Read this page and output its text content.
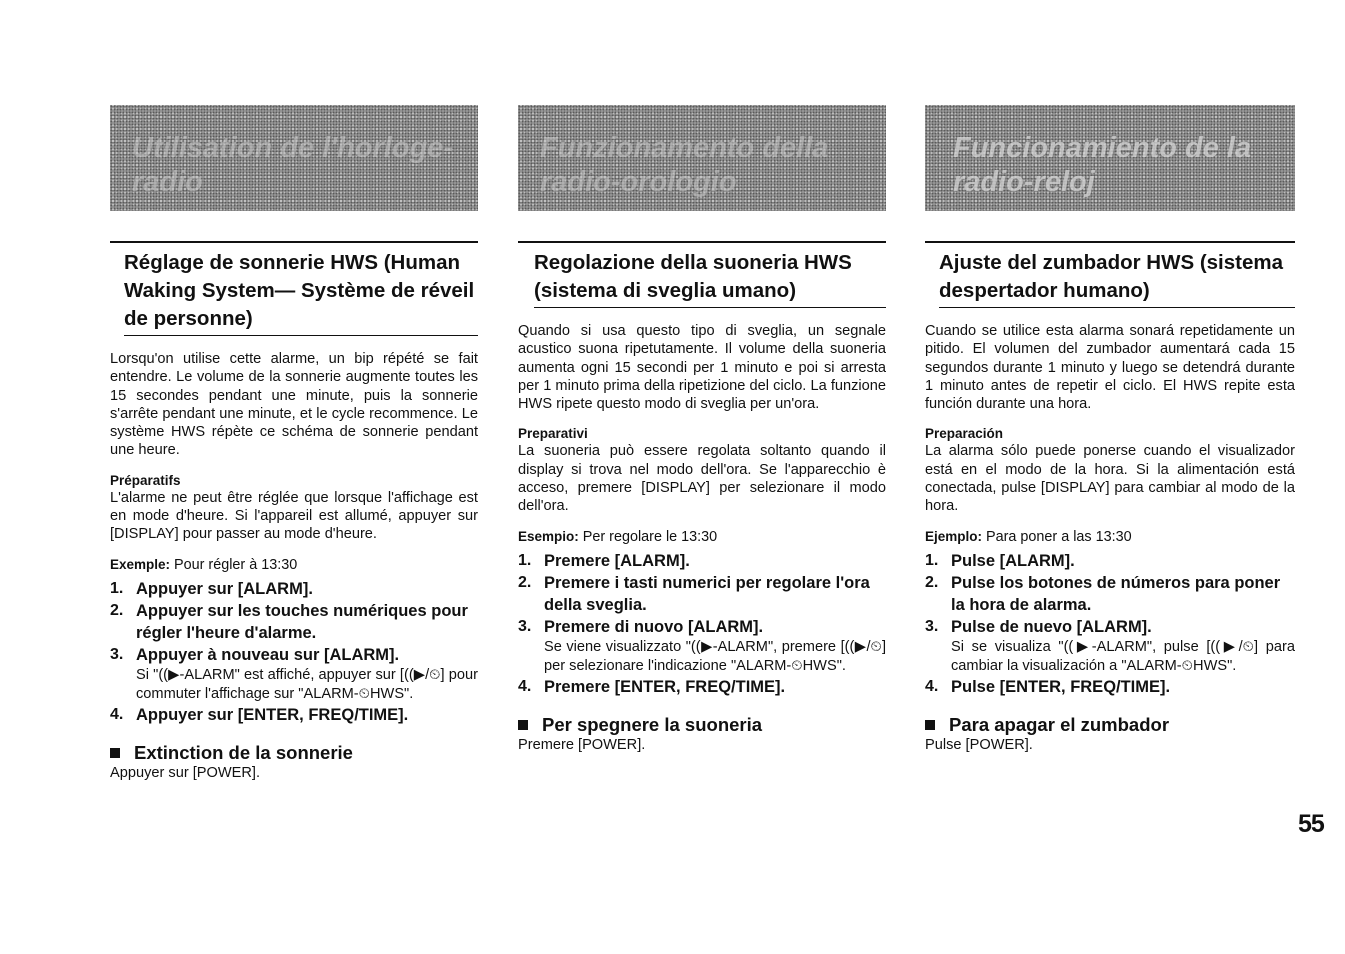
Utilisation de l'horloge-radio
Réglage de sonnerie HWS (Human Waking System— Système de réveil de personne)
Lorsqu'on utilise cette alarme, un bip répété se fait entendre. Le volume de la sonnerie augmente toutes les 15 secondes pendant une minute, puis la sonnerie s'arrête pendant une minute, et le cycle recommence. Le système HWS répète ce schéma de sonnerie pendant une heure.
Préparatifs
L'alarme ne peut être réglée que lorsque l'affichage est en mode d'heure. Si l'appareil est allumé, appuyer sur [DISPLAY] pour passer au mode d'heure.
Exemple: Pour régler à 13:30
1. Appuyer sur [ALARM].
2. Appuyer sur les touches numériques pour régler l'heure d'alarme.
3. Appuyer à nouveau sur [ALARM].
Si "((▶-ALARM" est affiché, appuyer sur [((▶/⏲] pour commuter l'affichage sur "ALARM-⏲HWS".
4. Appuyer sur [ENTER, FREQ/TIME].
Extinction de la sonnerie
Appuyer sur [POWER].
Funzionamento della radio-orologio
Regolazione della suoneria HWS (sistema di sveglia umano)
Quando si usa questo tipo di sveglia, un segnale acustico suona ripetutamente. Il volume della suoneria aumenta ogni 15 secondi per 1 minuto e poi si arresta per 1 minuto prima della ripetizione del ciclo. La funzione HWS ripete questo modo di sveglia per un'ora.
Preparativi
La suoneria può essere regolata soltanto quando il display si trova nel modo dell'ora. Se l'apparecchio è acceso, premere [DISPLAY] per selezionare il modo dell'ora.
Esempio: Per regolare le 13:30
1. Premere [ALARM].
2. Premere i tasti numerici per regolare l'ora della sveglia.
3. Premere di nuovo [ALARM].
Se viene visualizzato "((▶-ALARM", premere [((▶/⏲] per selezionare l'indicazione "ALARM-⏲HWS".
4. Premere [ENTER, FREQ/TIME].
Per spegnere la suoneria
Premere [POWER].
Funcionamiento de la radio-reloj
Ajuste del zumbador HWS (sistema despertador humano)
Cuando se utilice esta alarma sonará repetidamente un pitido. El volumen del zumbador aumentará cada 15 segundos durante 1 minuto y luego se detendrá durante 1 minuto antes de repetir el ciclo. El HWS repite esta función durante una hora.
Preparación
La alarma sólo puede ponerse cuando el visualizador está en el modo de la hora. Si la alimentación está conectada, pulse [DISPLAY] para cambiar al modo de la hora.
Ejemplo: Para poner a las 13:30
1. Pulse [ALARM].
2. Pulse los botones de números para poner la hora de alarma.
3. Pulse de nuevo [ALARM].
Si se visualiza "((▶-ALARM", pulse [((▶/⏲] para cambiar la visualización a "ALARM-⏲HWS".
4. Pulse [ENTER, FREQ/TIME].
Para apagar el zumbador
Pulse [POWER].
55
